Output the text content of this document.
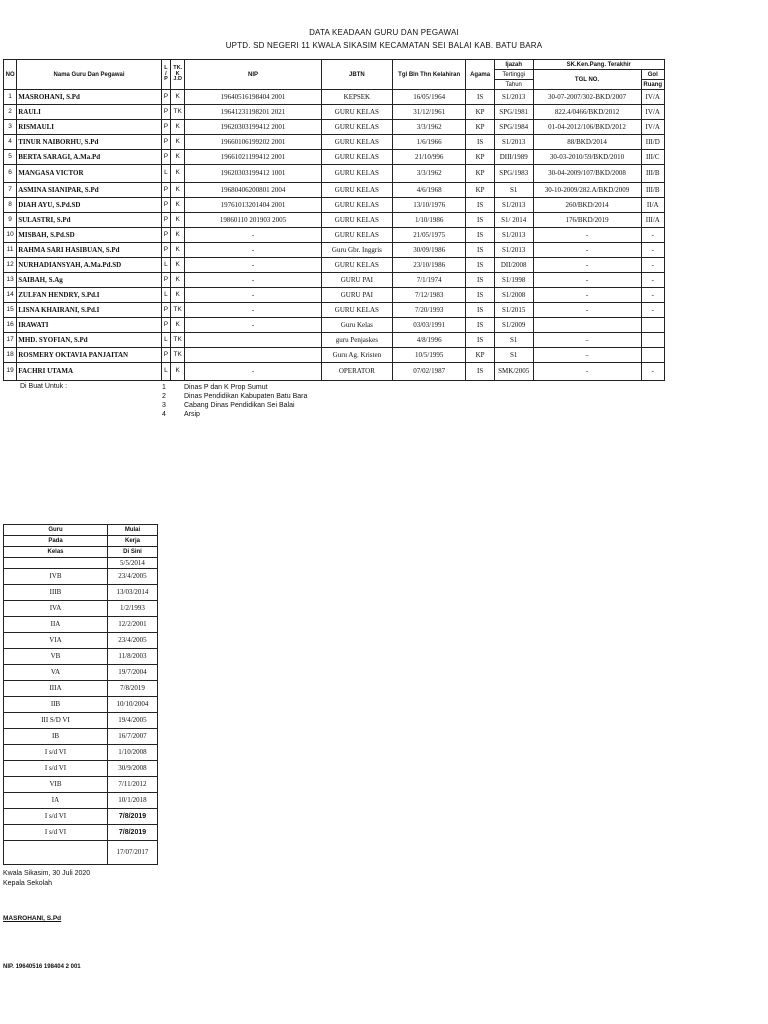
DATA KEADAAN GURU DAN PEGAWAI
UPTD. SD NEGERI 11 KWALA SIKASIM KECAMATAN SEI BALAI KAB. BATU BARA
NO	Nama Guru Dan Pegawai	L / P	TK. K J.D	NIP	JBTN	Tgl Bln Thn Kelahiran	Agama	Ijazah	SK.Ken.Pang. Terakhir	
								Tertinggi	TGL NO.	Gol
								Tahun		Ruang
1	MASROHANI, S.Pd	P	K	19640516198404 2001	KEPSEK	16/05/1964	IS	S1/2013	30-07-2007/302-BKD/2007	IV/A
2	RAULI	P	TK	19641231198201 2021	GURU KELAS	31/12/1961	KP	SPG/1981	822.4/0466/BKD/2012	IV/A
3	RISMAULI	P	K	19620303199412 2001	GURU KELAS	3/3/1962	KP	SPG/1984	01-04-2012/106/BKD/2012	IV/A
4	TINUR NAIBORHU, S.Pd	P	K	19660106199202 2001	GURU KELAS	1/6/1966	IS	S1/2013	88/BKD/2014	III/D
5	BERTA SARAGI, A.Ma.Pd	P	K	19661021199412 2001	GURU KELAS	21/10/996	KP	DIII/1989	30-03-2010/59/BKD/2010	III/C
6	MANGASA VICTOR	L	K	19620303199412 1001	GURU KELAS	3/3/1962	KP	SPG/1983	30-04-2009/107/BKD/2008	III/B
7	ASMINA SIANIPAR, S.Pd	P	K	19680406200801 2004	GURU KELAS	4/6/1968	KP	S1	30-10-2009/282.A/BKD/2009	III/B
8	DIAH AYU, S.Pd.SD	P	K	19761013201404 2001	GURU KELAS	13/10/1976	IS	S1/2013	260/BKD/2014	II/A
9	SULASTRI, S.Pd	P	K	19860110 201903 2005	GURU KELAS	1/10/1986	IS	S1/ 2014	176/BKD/2019	III/A
10	MISBAH, S.Pd.SD	P	K	-	GURU KELAS	21/05/1975	IS	S1/2013	-	-
11	RAHMA SARI HASIBUAN, S.Pd	P	K	-	Guru Gbr. Inggris	30/09/1986	IS	S1/2013	-	-
12	NURHADIANSYAH, A.Ma.Pd.SD	L	K	-	GURU KELAS	23/10/1986	IS	DII/2008	-	-
13	SAIBAH, S.Ag	P	K	-	GURU PAI	7/1/1974	IS	S1/1998	-	-
14	ZULFAN HENDRY, S.Pd.I	L	K	-	GURU PAI	7/12/1983	IS	S1/2008	-	-
15	LISNA KHAIRANI, S.Pd.I	P	TK	-	GURU KELAS	7/20/1993	IS	S1/2015	-	-
16	IRAWATI	P	K	-	Guru Kelas	03/03/1991	IS	S1/2009		
17	MHD. SYOFIAN, S.Pd	L	TK		guru Penjaskes	4/8/1996	IS	S1	–	
18	ROSMERY OKTAVIA PANJAITAN	P	TK		Guru Ag. Kristen	10/5/1995	KP	S1	–	
19	FACHRI UTAMA	L	K	-	OPERATOR	07/02/1987	IS	SMK/2005	-	-
Di Buat Untuk :	1	Dinas P dan K Prop Sumut
2	Dinas Pendidikan Kabupaten Batu Bara
3	Cabang Dinas Pendidikan Sei Balai
4	Arsip
Guru	Mulai
Pada	Kerja
Kelas	Di Sini
	5/5/2014
IVB	23/4/2005
IIIB	13/03/2014
IVA	1/2/1993
IIA	12/2/2001
VIA	23/4/2005
VB	11/8/2003
VA	19/7/2004
IIIA	7/8/2019
IIB	10/10/2004
III S/D VI	19/4/2005
IB	16/7/2007
I s/d VI	1/10/2008
I s/d VI	30/9/2008
VIB	7/11/2012
IA	10/1/2018
I s/d VI	7/8/2019
I s/d VI	7/8/2019
	17/07/2017
Kwala Sikasim, 30 Juli 2020
Kepala Sekolah
MASROHANI, S.Pd
NIP. 19640516 198404 2 001
